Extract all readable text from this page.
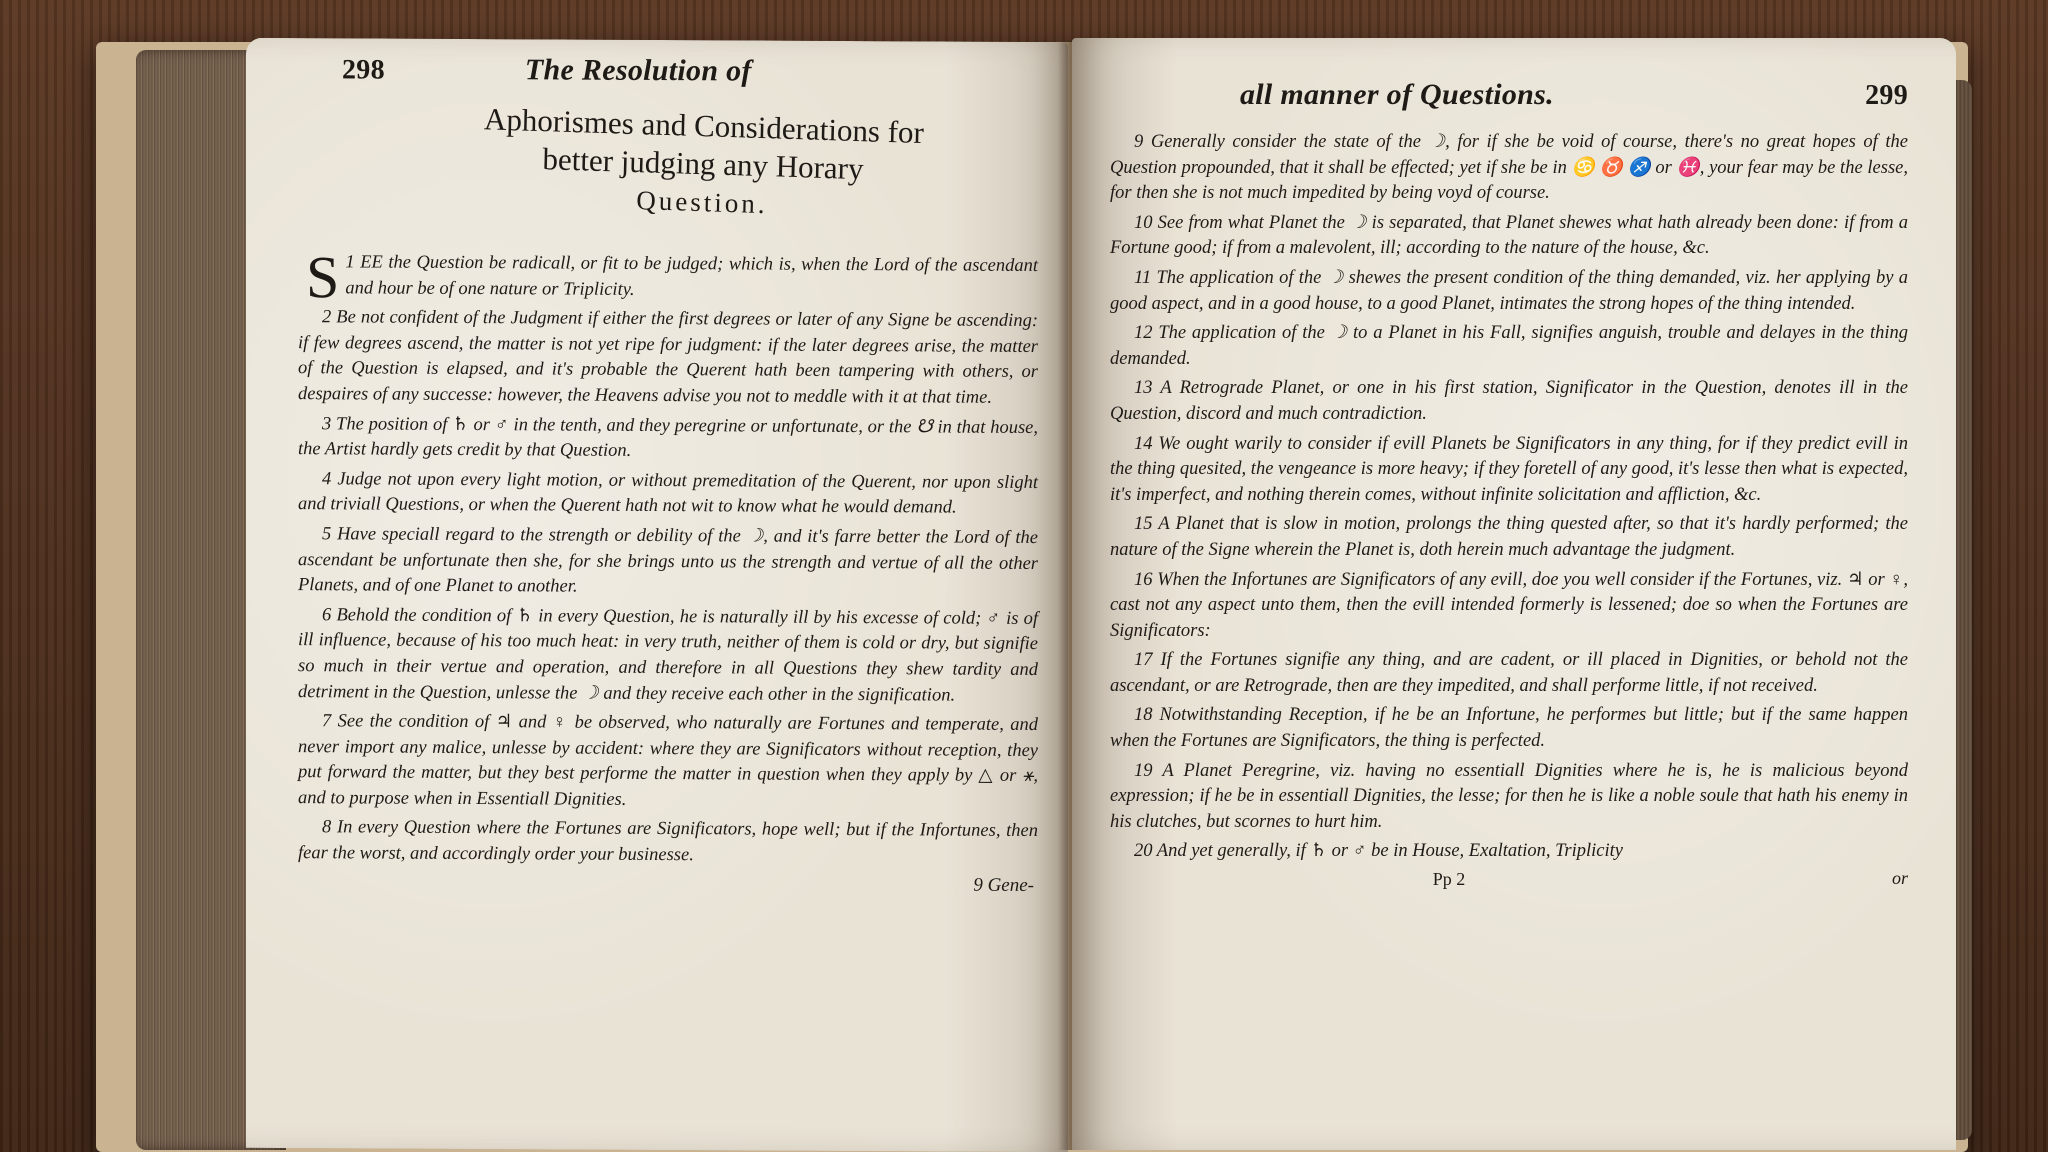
298	The Resolution of
Aphorismes and Considerations for
better judging any Horary
Question.

S 1 EE the Question be radicall, or fit to be judged; which is, when the Lord of the ascendant and hour be of one nature or Triplicity.

2 Be not confident of the Judgment if either the first degrees or later of any Signe be ascending: if few degrees ascend, the matter is not yet ripe for judgment: if the later degrees arise, the matter of the Question is elapsed, and it's probable the Querent hath been tampering with others, or despaires of any successe: however, the Heavens advise you not to meddle with it at that time.

3 The position of ♄ or ♂ in the tenth, and they peregrine or unfortunate, or the ☋ in that house, the Artist hardly gets credit by that Question.

4 Judge not upon every light motion, or without premeditation of the Querent, nor upon slight and triviall Questions, or when the Querent hath not wit to know what he would demand.

5 Have speciall regard to the strength or debility of the ☽, and it's farre better the Lord of the ascendant be unfortunate then she, for she brings unto us the strength and vertue of all the other Planets, and of one Planet to another.

6 Behold the condition of ♄ in every Question, he is naturally ill by his excesse of cold; ♂ is of ill influence, because of his too much heat: in very truth, neither of them is cold or dry, but signifie so much in their vertue and operation, and therefore in all Questions they shew tardity and detriment in the Question, unlesse the ☽ and they receive each other in the signification.

7 See the condition of ♃ and ♀ be observed, who naturally are Fortunes and temperate, and never import any malice, unlesse by accident: where they are Significators without reception, they put forward the matter, but they best performe the matter in question when they apply by △ or ⚹, and to purpose when in Essentiall Dignities.

8 In every Question where the Fortunes are Significators, hope well; but if the Infortunes, then fear the worst, and accordingly order your businesse.

9 Gene-
all manner of Questions.	299

9 Generally consider the state of the ☽, for if she be void of course, there's no great hopes of the Question propounded, that it shall be effected; yet if she be in ♋ ♉ ♐ or ♓, your fear may be the lesse, for then she is not much impedited by being voyd of course.

10 See from what Planet the ☽ is separated, that Planet shewes what hath already been done: if from a Fortune good; if from a malevolent, ill; according to the nature of the house, &c.

11 The application of the ☽ shewes the present condition of the thing demanded, viz. her applying by a good aspect, and in a good house, to a good Planet, intimates the strong hopes of the thing intended.

12 The application of the ☽ to a Planet in his Fall, signifies anguish, trouble and delayes in the thing demanded.

13 A Retrograde Planet, or one in his first station, Significator in the Question, denotes ill in the Question, discord and much contradiction.

14 We ought warily to consider if evill Planets be Significators in any thing, for if they predict evill in the thing quesited, the vengeance is more heavy; if they foretell of any good, it's lesse then what is expected, it's imperfect, and nothing therein comes, without infinite solicitation and affliction, &c.

15 A Planet that is slow in motion, prolongs the thing quested after, so that it's hardly performed; the nature of the Signe wherein the Planet is, doth herein much advantage the judgment.

16 When the Infortunes are Significators of any evill, doe you well consider if the Fortunes, viz. ♃ or ♀, cast not any aspect unto them, then the evill intended formerly is lessened; doe so when the Fortunes are Significators:

17 If the Fortunes signifie any thing, and are cadent, or ill placed in Dignities, or behold not the ascendant, or are Retrograde, then are they impedited, and shall performe little, if not received.

18 Notwithstanding Reception, if he be an Infortune, he performes but little; but if the same happen when the Fortunes are Significators, the thing is perfected.

19 A Planet Peregrine, viz. having no essentiall Dignities where he is, he is malicious beyond expression; if he be in essentiall Dignities, the lesse; for then he is like a noble soule that hath his enemy in his clutches, but scornes to hurt him.

20 And yet generally, if ♄ or ♂ be in House, Exaltation, Triplicity

Pp 2	or
